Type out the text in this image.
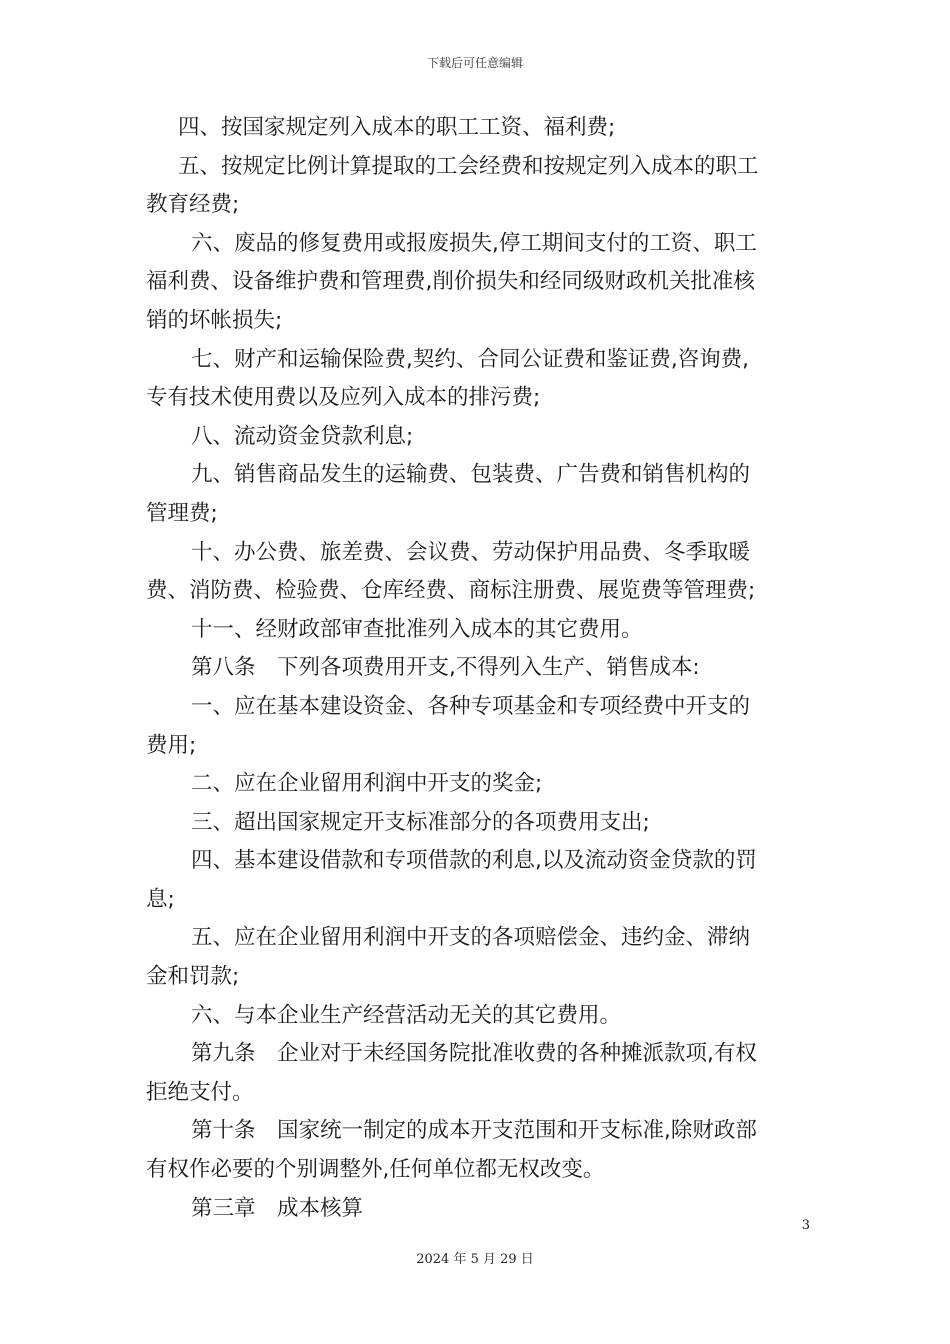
下载后可任意编辑
四、按国家规定列入成本的职工工资、福利费;
五、按规定比例计算提取的工会经费和按规定列入成本的职工
教育经费;
六、废品的修复费用或报废损失,停工期间支付的工资、职工
福利费、设备维护费和管理费,削价损失和经同级财政机关批准核
销的坏帐损失;
七、财产和运输保险费,契约、合同公证费和鉴证费,咨询费,
专有技术使用费以及应列入成本的排污费;
八、流动资金贷款利息;
九、销售商品发生的运输费、包装费、广告费和销售机构的
管理费;
十、办公费、旅差费、会议费、劳动保护用品费、冬季取暖
费、消防费、检验费、仓库经费、商标注册费、展览费等管理费;
十一、经财政部审查批准列入成本的其它费用。
第八条　下列各项费用开支,不得列入生产、销售成本:
一、应在基本建设资金、各种专项基金和专项经费中开支的
费用;
二、应在企业留用利润中开支的奖金;
三、超出国家规定开支标准部分的各项费用支出;
四、基本建设借款和专项借款的利息,以及流动资金贷款的罚
息;
五、应在企业留用利润中开支的各项赔偿金、违约金、滞纳
金和罚款;
六、与本企业生产经营活动无关的其它费用。
第九条　企业对于未经国务院批准收费的各种摊派款项,有权
拒绝支付。
第十条　国家统一制定的成本开支范围和开支标准,除财政部
有权作必要的个别调整外,任何单位都无权改变。
第三章　成本核算
3
2024 年 5 月 29 日
